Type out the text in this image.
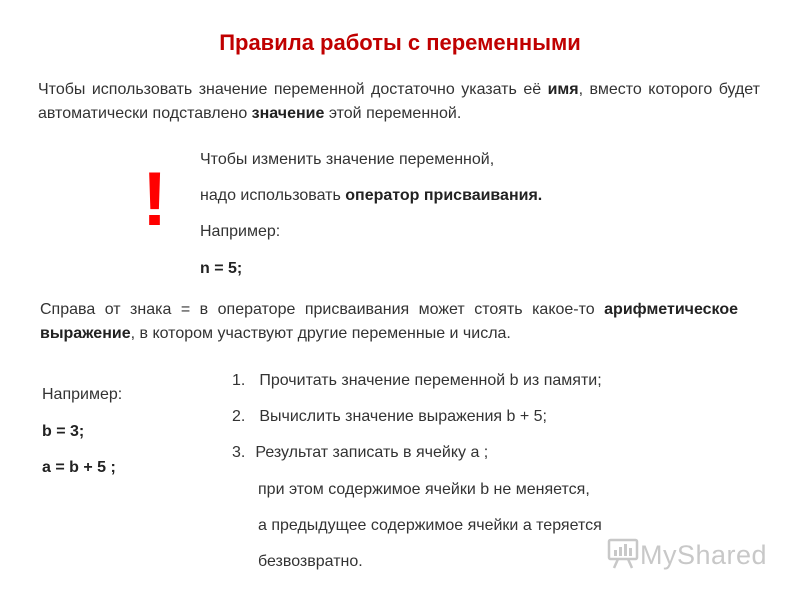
Правила работы с переменными
Чтобы использовать значение переменной достаточно указать её имя, вместо которого будет автоматически подставлено значение этой переменной.
! Чтобы изменить значение переменной,
надо использовать оператор присваивания.
Например:
n = 5;
Справа от знака = в операторе присваивания может стоять какое-то арифметическое выражение, в котором участвуют другие переменные и числа.
Например:
b = 3;
a = b + 5 ;
1. Прочитать значение переменной b из памяти;
2. Вычислить значение выражения b + 5;
3. Результат записать в ячейку a ;
при этом содержимое ячейки b не меняется,
а предыдущее содержимое ячейки a теряется
безвозвратно.	MyShared
